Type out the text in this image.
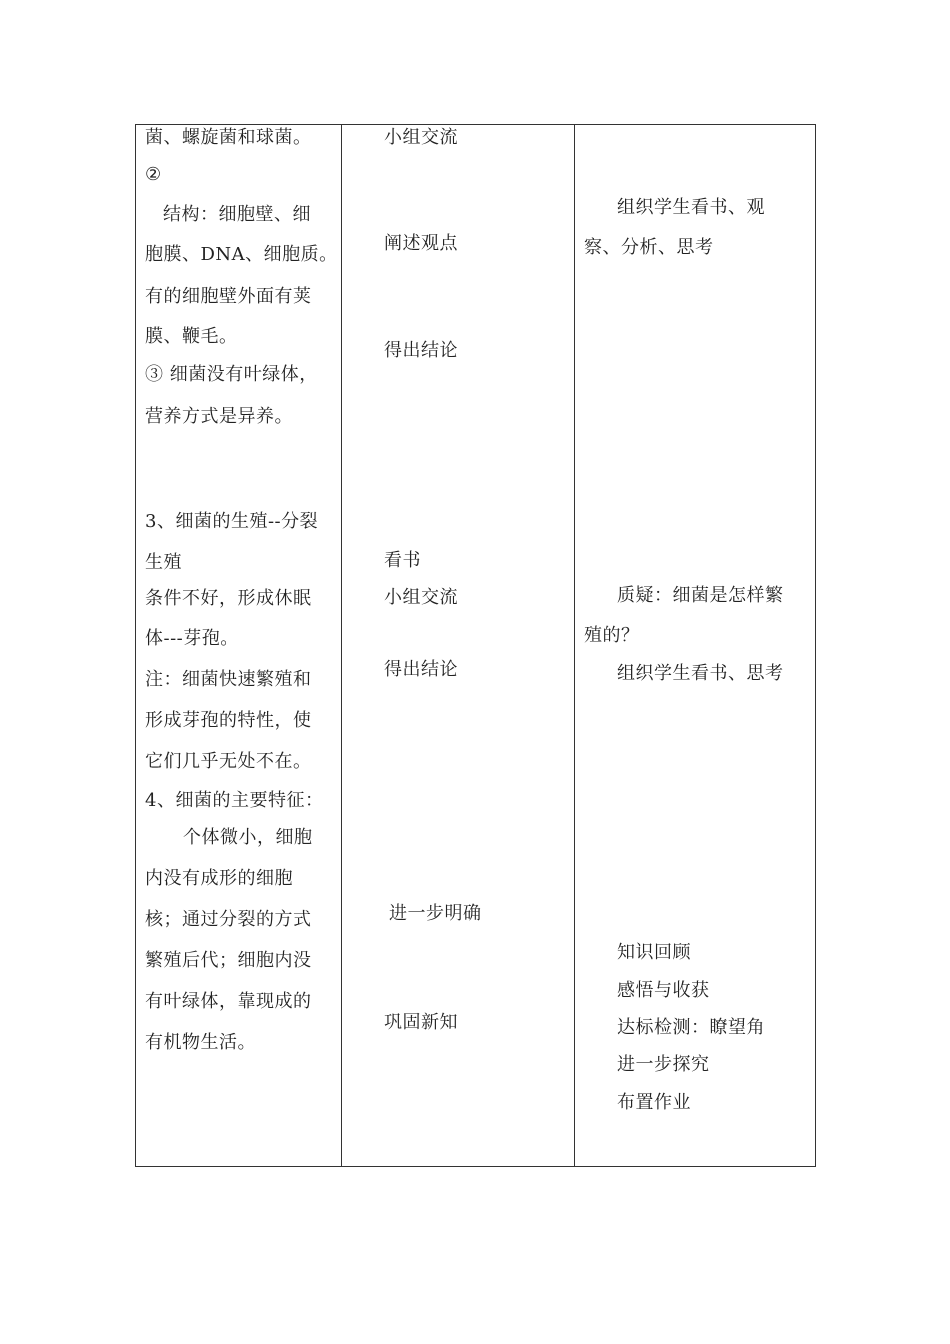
菌、螺旋菌和球菌。
②
结构：细胞壁、细
胞膜、DNA、细胞质。
有的细胞壁外面有荚
膜、鞭毛。
③ 细菌没有叶绿体，
营养方式是异养。
3、细菌的生殖--分裂
生殖
条件不好，形成休眠
体---芽孢。
注：细菌快速繁殖和
形成芽孢的特性，使
它们几乎无处不在。
4、细菌的主要特征：
个体微小，细胞
内没有成形的细胞
核；通过分裂的方式
繁殖后代；细胞内没
有叶绿体，靠现成的
有机物生活。
小组交流
阐述观点
得出结论
看书
小组交流
得出结论
进一步明确
巩固新知
组织学生看书、观
察、分析、思考
质疑：细菌是怎样繁
殖的？
组织学生看书、思考
知识回顾
感悟与收获
达标检测：瞭望角
进一步探究
布置作业
